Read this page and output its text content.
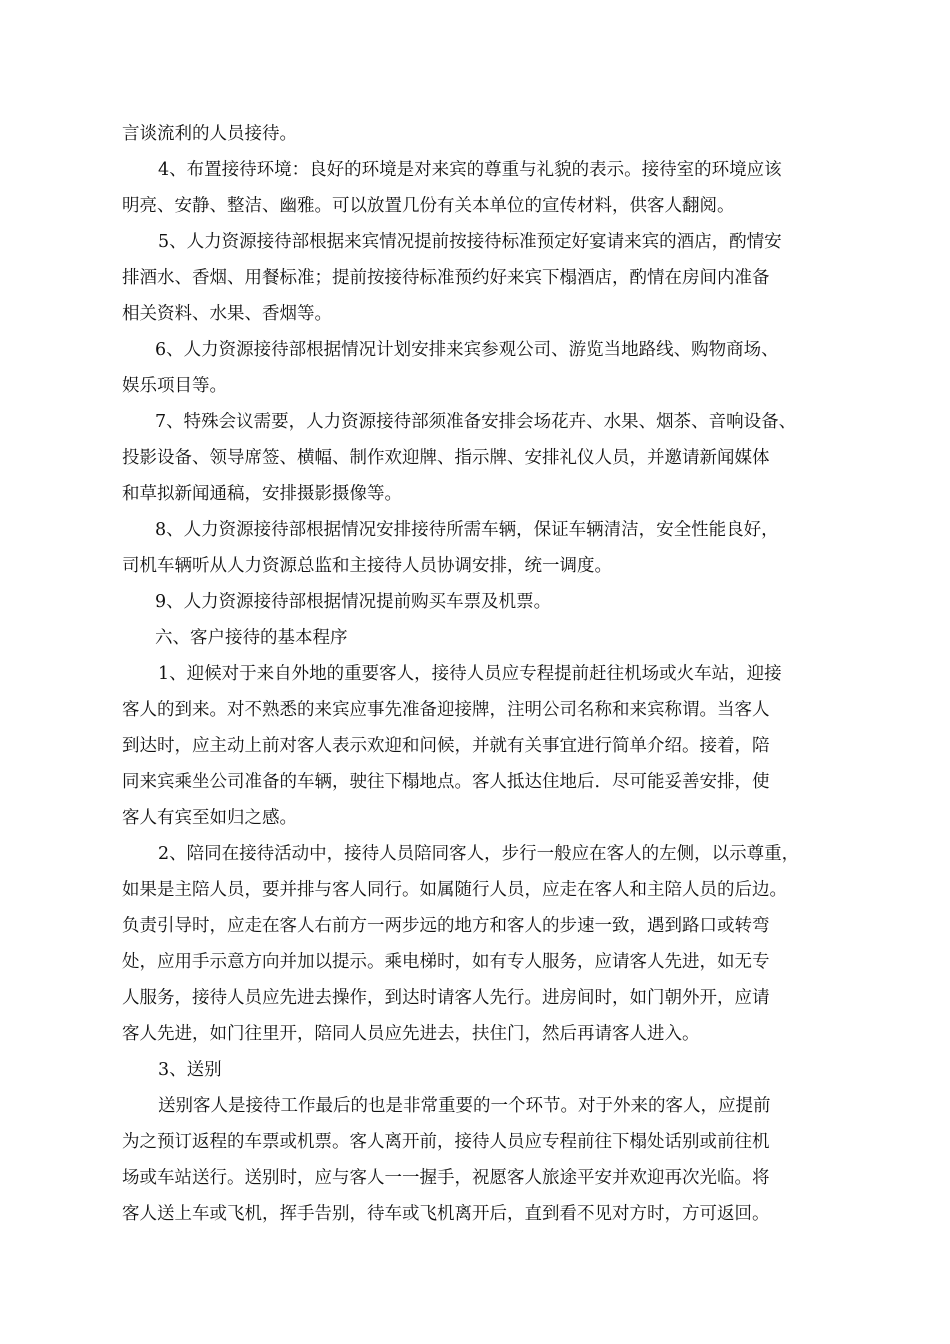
言谈流利的人员接待。
4、布置接待环境：良好的环境是对来宾的尊重与礼貌的表示。接待室的环境应该
明亮、安静、整洁、幽雅。可以放置几份有关本单位的宣传材料，供客人翻阅。
5、人力资源接待部根据来宾情况提前按接待标准预定好宴请来宾的酒店，酌情安
排酒水、香烟、用餐标准；提前按接待标准预约好来宾下榻酒店，酌情在房间内准备
相关资料、水果、香烟等。
6、人力资源接待部根据情况计划安排来宾参观公司、游览当地路线、购物商场、
娱乐项目等。
7、特殊会议需要，人力资源接待部须准备安排会场花卉、水果、烟茶、音响设备、
投影设备、领导席签、横幅、制作欢迎牌、指示牌、安排礼仪人员，并邀请新闻媒体
和草拟新闻通稿，安排摄影摄像等。
8、人力资源接待部根据情况安排接待所需车辆，保证车辆清洁，安全性能良好，
司机车辆听从人力资源总监和主接待人员协调安排，统一调度。
9、人力资源接待部根据情况提前购买车票及机票。
六、客户接待的基本程序
1、迎候对于来自外地的重要客人，接待人员应专程提前赶往机场或火车站，迎接
客人的到来。对不熟悉的来宾应事先准备迎接牌，注明公司名称和来宾称谓。当客人
到达时，应主动上前对客人表示欢迎和问候，并就有关事宜进行简单介绍。接着，陪
同来宾乘坐公司准备的车辆，驶往下榻地点。客人抵达住地后．尽可能妥善安排，使
客人有宾至如归之感。
2、陪同在接待活动中，接待人员陪同客人，步行一般应在客人的左侧，以示尊重，
如果是主陪人员，要并排与客人同行。如属随行人员，应走在客人和主陪人员的后边。
负责引导时，应走在客人右前方一两步远的地方和客人的步速一致，遇到路口或转弯
处，应用手示意方向并加以提示。乘电梯时，如有专人服务，应请客人先进，如无专
人服务，接待人员应先进去操作，到达时请客人先行。进房间时，如门朝外开，应请
客人先进，如门往里开，陪同人员应先进去，扶住门，然后再请客人进入。
3、送别
送别客人是接待工作最后的也是非常重要的一个环节。对于外来的客人，应提前
为之预订返程的车票或机票。客人离开前，接待人员应专程前往下榻处话别或前往机
场或车站送行。送别时，应与客人一一握手，祝愿客人旅途平安并欢迎再次光临。将
客人送上车或飞机，挥手告别，待车或飞机离开后，直到看不见对方时，方可返回。
